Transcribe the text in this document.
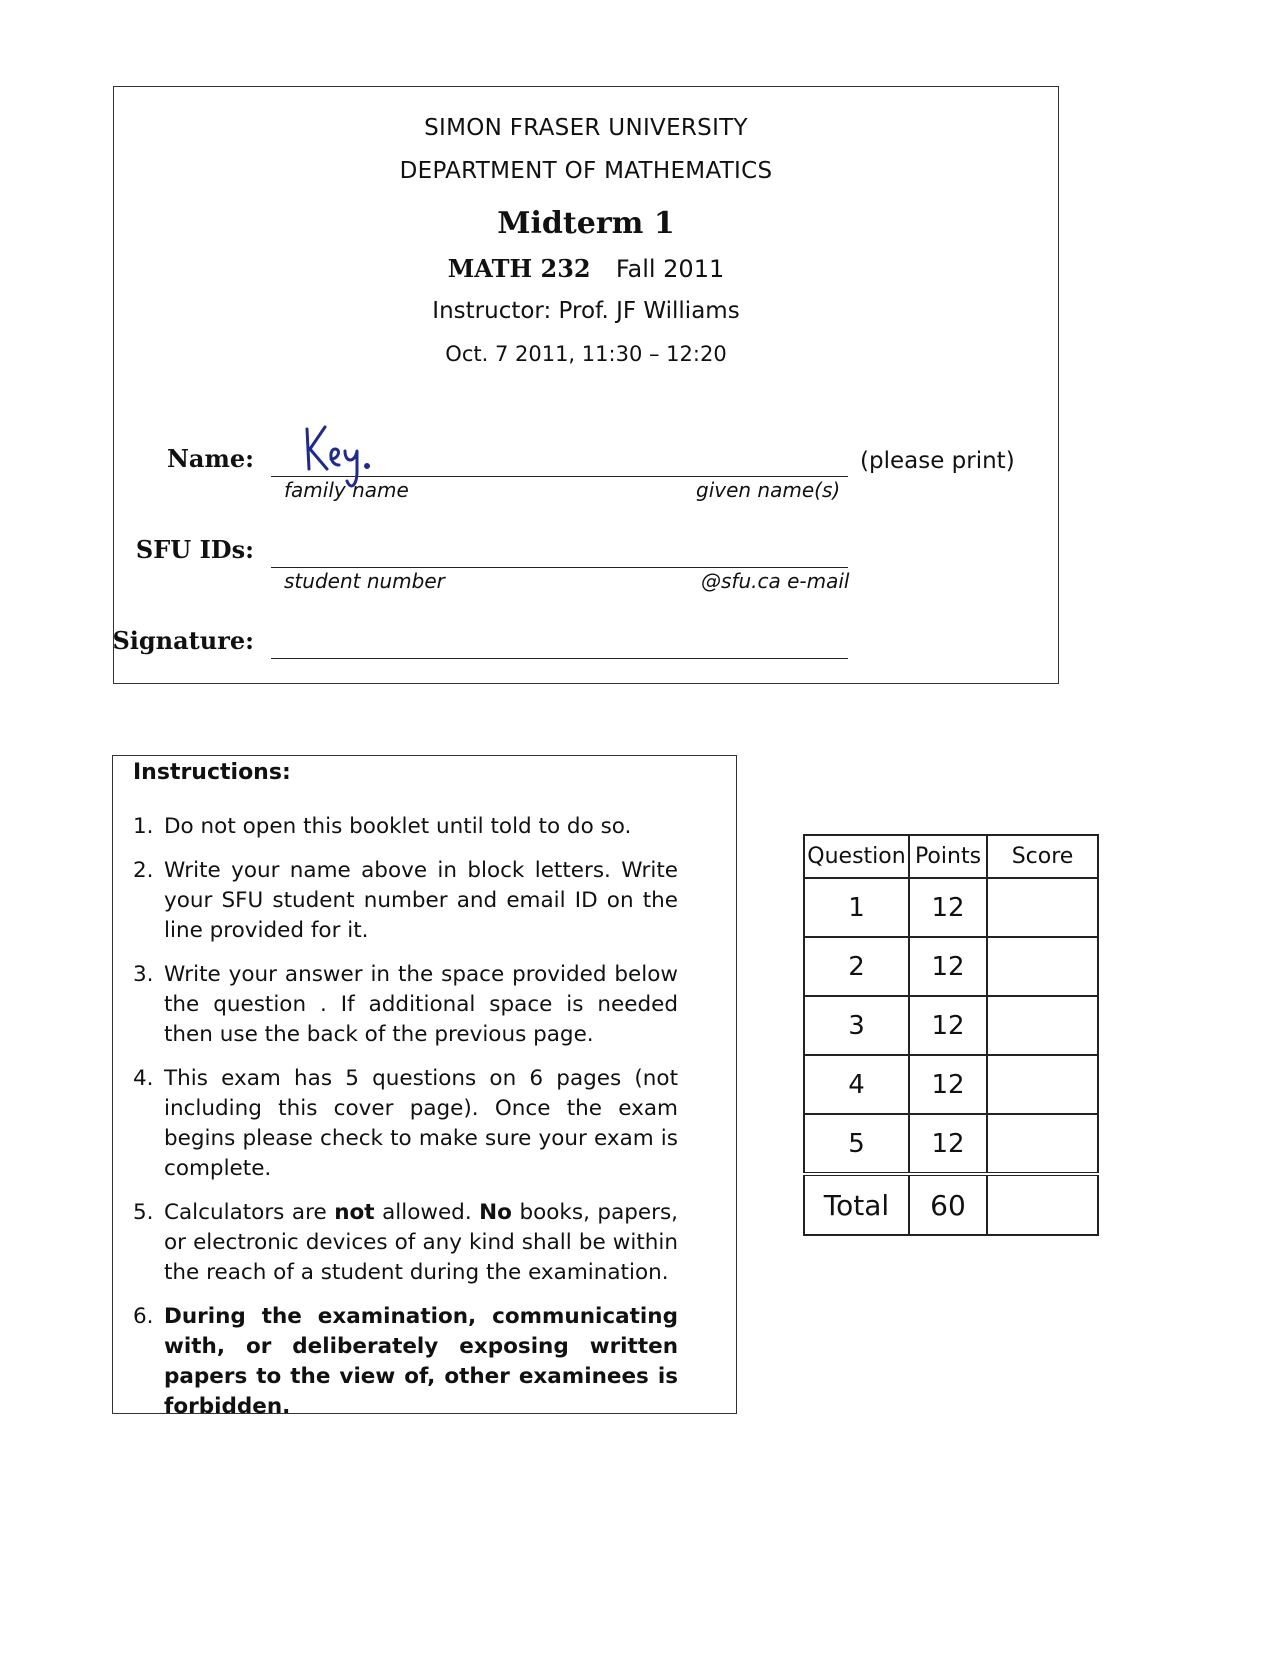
SIMON FRASER UNIVERSITY
DEPARTMENT OF MATHEMATICS
Midterm 1
MATH 232 Fall 2011
Instructor: Prof. JF Williams
Oct. 7 2011, 11:30 – 12:20
Name:	(please print)
family name	given name(s)
SFU IDs:
student number	@sfu.ca e-mail
Signature:
Instructions:
1. Do not open this booklet until told to do so.
2. Write your name above in block letters. Write your SFU student number and email ID on the line provided for it.
3. Write your answer in the space provided below the question . If additional space is needed then use the back of the previous page.
4. This exam has 5 questions on 6 pages (not including this cover page). Once the exam begins please check to make sure your exam is complete.
5. Calculators are not allowed. No books, papers, or electronic devices of any kind shall be within the reach of a student during the examination.
6. During the examination, communicating with, or deliberately exposing written papers to the view of, other examinees is forbidden.
Question	Points	Score
1	12	
2	12	
3	12	
4	12	
5	12	
Total	60	
